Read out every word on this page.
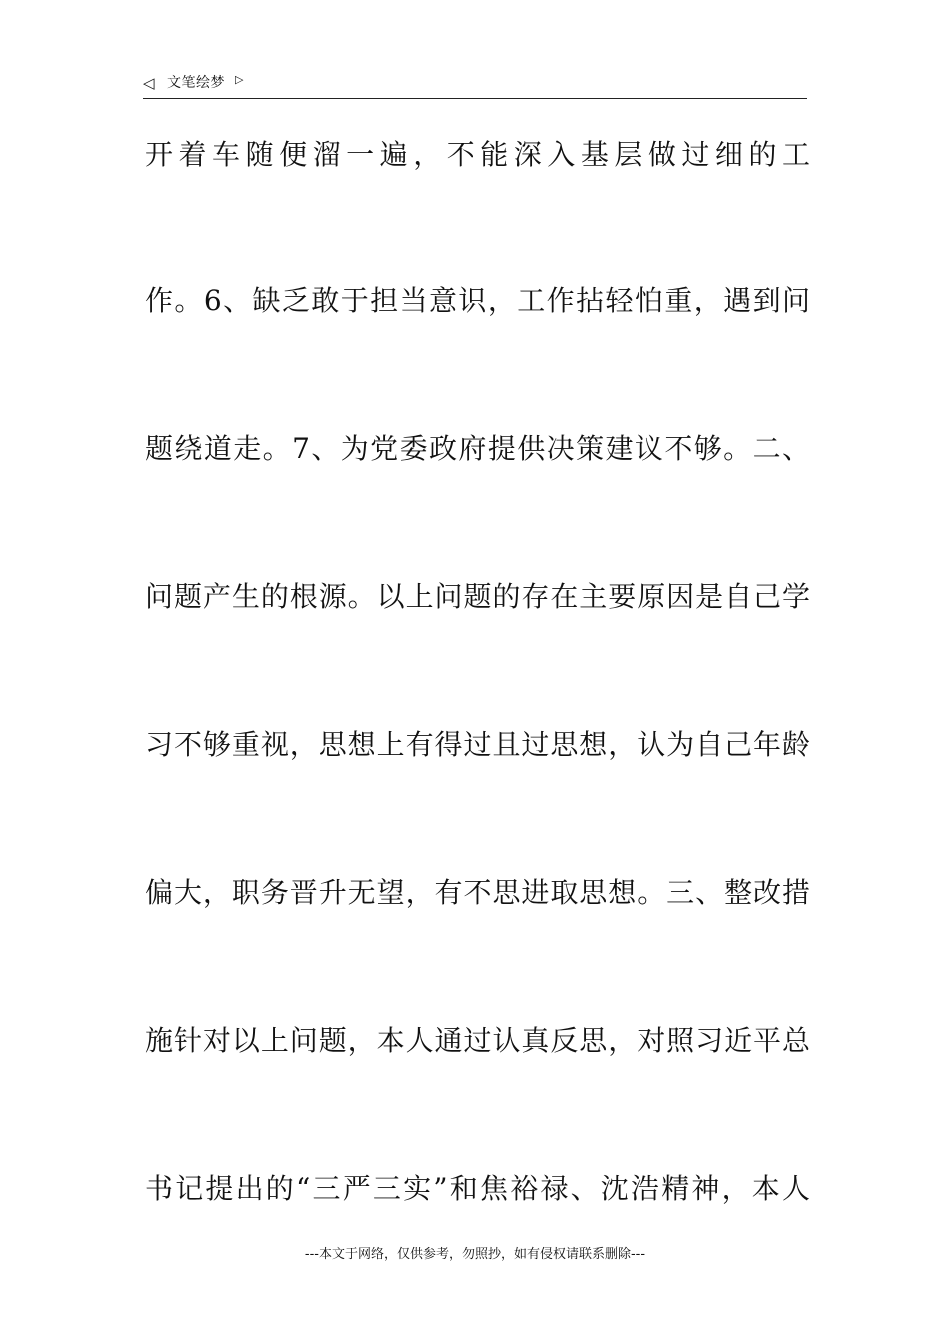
◁ 文笔绘梦 ▷
开着车随便溜一遍，不能深入基层做过细的工
作。6、缺乏敢于担当意识，工作拈轻怕重，遇到问
题绕道走。7、为党委政府提供决策建议不够。二、
问题产生的根源。以上问题的存在主要原因是自己学
习不够重视，思想上有得过且过思想，认为自己年龄
偏大，职务晋升无望，有不思进取思想。三、整改措
施针对以上问题，本人通过认真反思，对照习近平总
书记提出的“三严三实”和焦裕禄、沈浩精神，本人
---本文于网络，仅供参考，勿照抄，如有侵权请联系删除---
